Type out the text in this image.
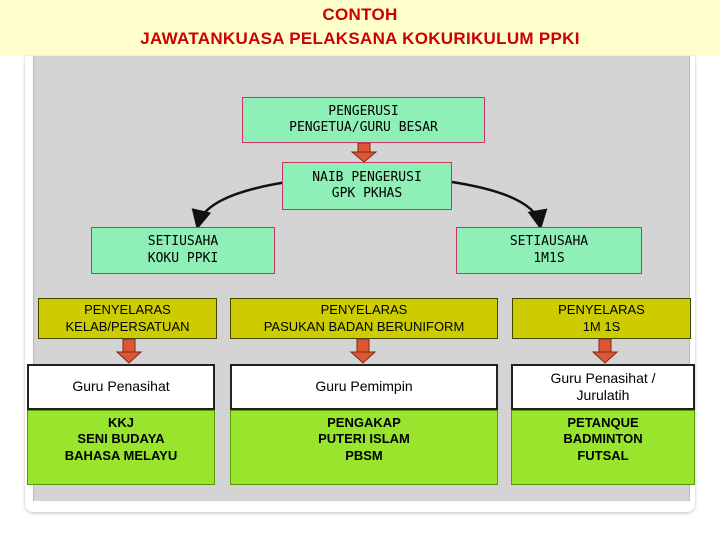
CONTOH
JAWATANKUASA PELAKSANA KOKURIKULUM PPKI
PENGERUSI
PENGETUA/GURU BESAR
NAIB PENGERUSI
GPK PKHAS
SETIUSAHA
KOKU PPKI
SETIAUSAHA
1M1S
PENYELARAS
KELAB/PERSATUAN
PENYELARAS
PASUKAN BADAN BERUNIFORM
PENYELARAS
1M 1S
Guru Penasihat	Guru Pemimpin
Guru Penasihat /
Jurulatih
KKJ
SENI BUDAYA
BAHASA MELAYU
PENGAKAP
PUTERI ISLAM
PBSM
PETANQUE
BADMINTON
FUTSAL
